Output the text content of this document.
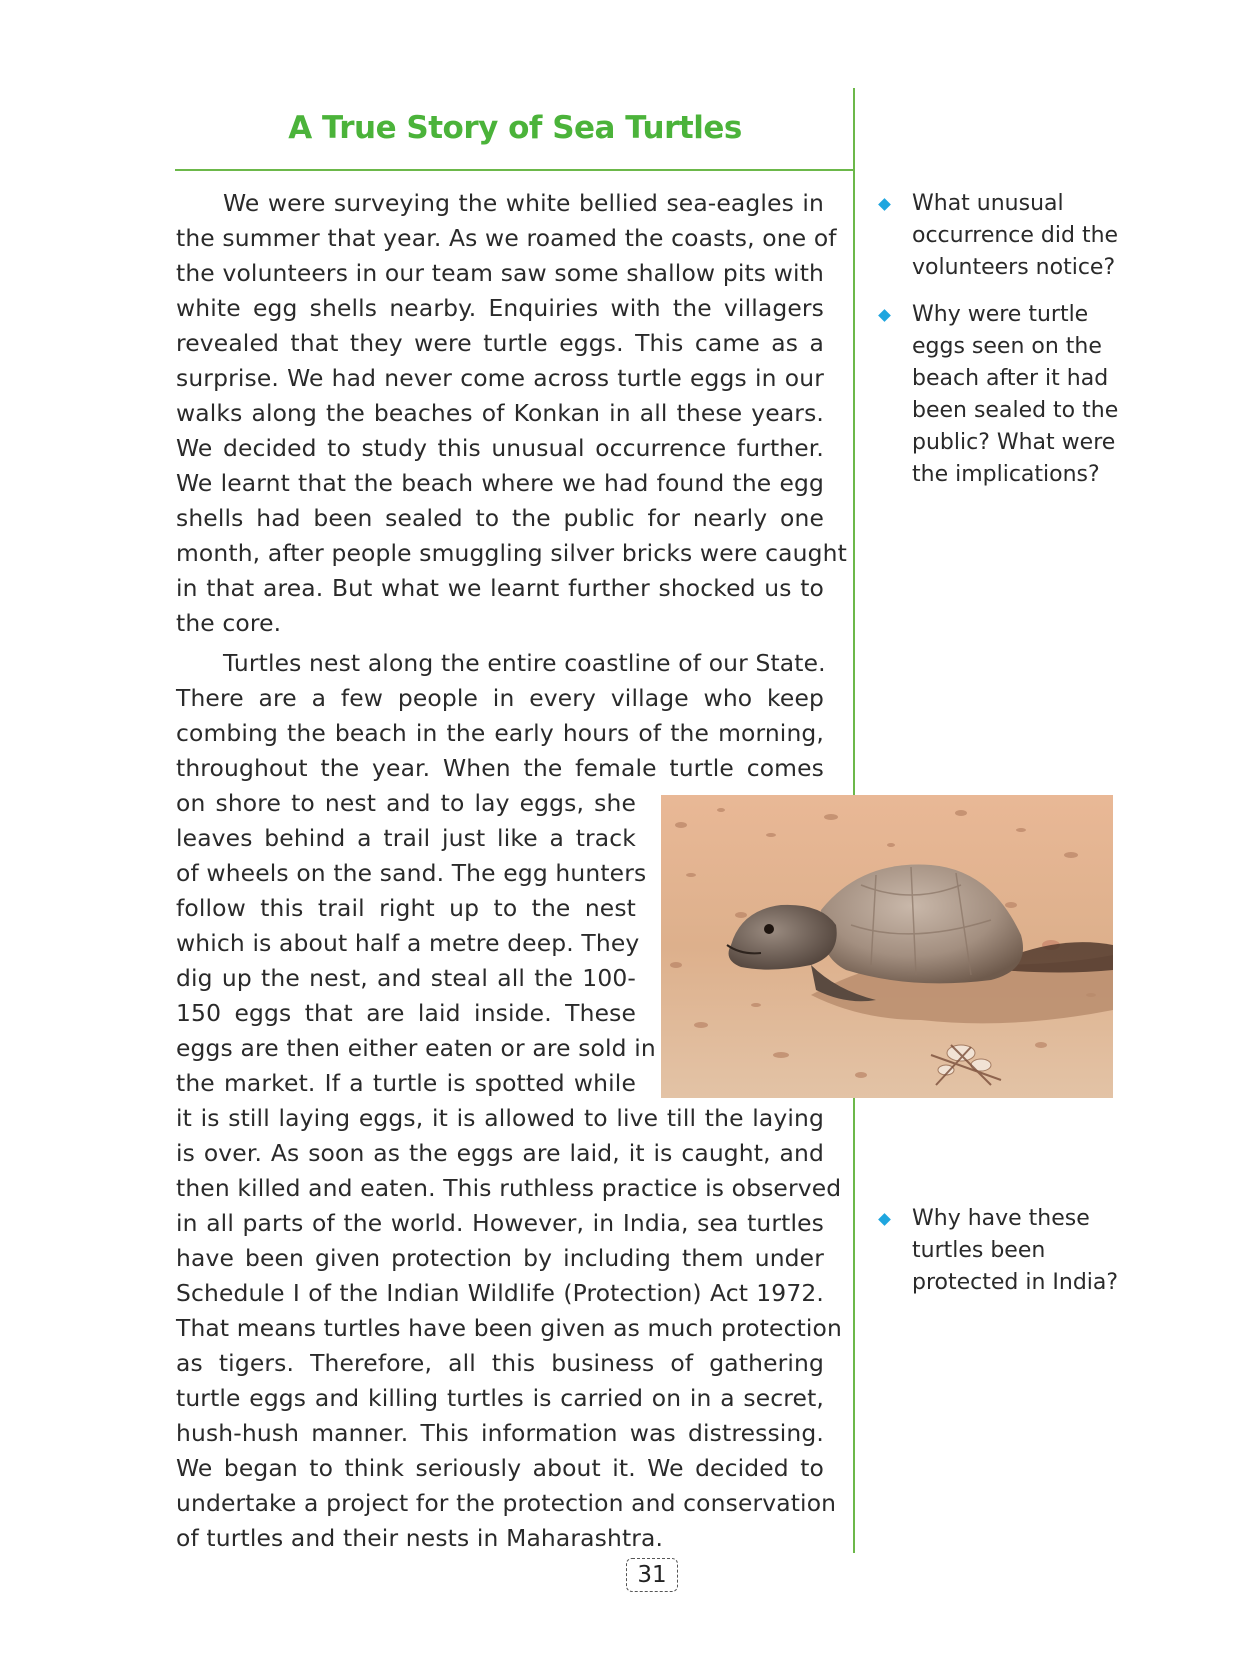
A True Story of Sea Turtles

We were surveying the white bellied sea-eagles in
the summer that year. As we roamed the coasts, one of
the volunteers in our team saw some shallow pits with
white egg shells nearby. Enquiries with the villagers
revealed that they were turtle eggs. This came as a
surprise. We had never come across turtle eggs in our
walks along the beaches of Konkan in all these years.
We decided to study this unusual occurrence further.
We learnt that the beach where we had found the egg
shells had been sealed to the public for nearly one
month, after people smuggling silver bricks were caught
in that area. But what we learnt further shocked us to
the core.

Turtles nest along the entire coastline of our State.
There are a few people in every village who keep
combing the beach in the early hours of the morning,
throughout the year. When the female turtle comes

on shore to nest and to lay eggs, she
leaves behind a trail just like a track
of wheels on the sand. The egg hunters
follow this trail right up to the nest
which is about half a metre deep. They
dig up the nest, and steal all the 100-
150 eggs that are laid inside. These
eggs are then either eaten or are sold in
the market. If a turtle is spotted while

it is still laying eggs, it is allowed to live till the laying
is over. As soon as the eggs are laid, it is caught, and
then killed and eaten. This ruthless practice is observed
in all parts of the world. However, in India, sea turtles
have been given protection by including them under
Schedule I of the Indian Wildlife (Protection) Act 1972.
That means turtles have been given as much protection
as tigers. Therefore, all this business of gathering
turtle eggs and killing turtles is carried on in a secret,
hush-hush manner. This information was distressing.
We began to think seriously about it. We decided to
undertake a project for the protection and conservation
of turtles and their nests in Maharashtra.

What unusual
occurrence did the
volunteers notice?
Why were turtle
eggs seen on the
beach after it had
been sealed to the
public? What were
the implications?
Why have these
turtles been
protected in India?
31
